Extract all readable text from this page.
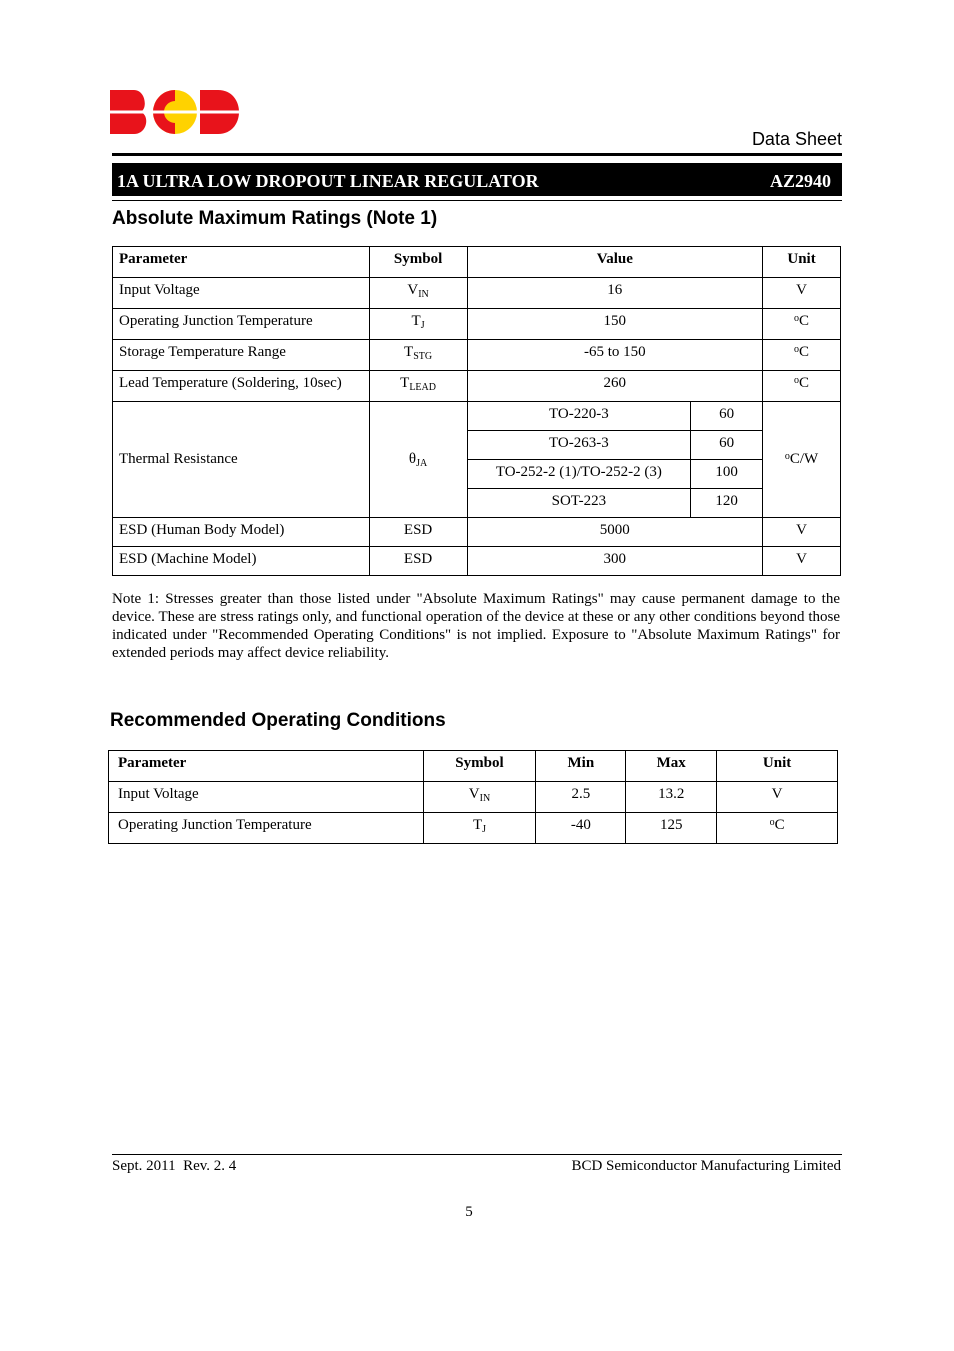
Data Sheet
1A ULTRA LOW DROPOUT LINEAR REGULATOR	AZ2940
Absolute Maximum Ratings (Note 1)
Parameter	Symbol	Value		Unit
Input Voltage	$V_{IN}$	16		V
Operating Junction Temperature	$T_J$	150		$^o$C
Storage Temperature Range	$T_{STG}$	-65 to 150		$^o$C
Lead Temperature (Soldering, 10sec)	$T_{LEAD}$	260		$^o$C
Thermal Resistance	$\theta_{JA}$	TO-220-3	60	$^o$C/W
		TO-263-3	60	
		TO-252-2 (1)/TO-252-2 (3)	100	
		SOT-223	120	
ESD (Human Body Model)	ESD	5000		V
ESD (Machine Model)	ESD	300		V
Note 1: Stresses greater than those listed under "Absolute Maximum Ratings" may cause permanent damage to the device. These are stress ratings only, and functional operation of the device at these or any other conditions beyond those indicated under "Recommended Operating Conditions" is not implied. Exposure to "Absolute Maximum Ratings" for extended periods may affect device reliability.
Recommended Operating Conditions
Parameter	Symbol	Min	Max	Unit
Input Voltage	$V_{IN}$	2.5	13.2	V
Operating Junction Temperature	$T_J$	-40	125	$^o$C
Sept. 2011  Rev. 2. 4	BCD Semiconductor Manufacturing Limited
5
